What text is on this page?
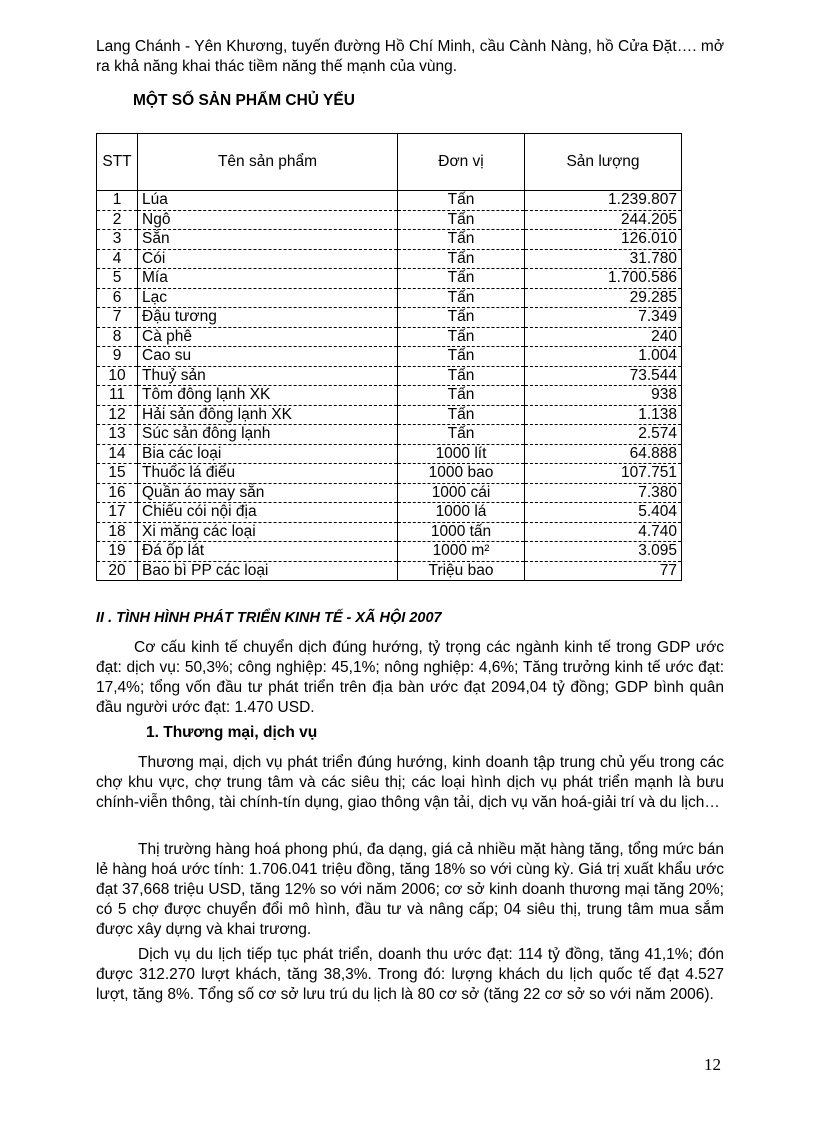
Lang Chánh - Yên Khương, tuyến đường Hồ Chí Minh, cầu Cành Nàng, hồ Cửa Đặt…. mở ra khả năng khai thác tiềm năng thế mạnh của vùng.

MỘT SỐ SẢN PHẨM CHỦ YẾU

STT	Tên sản phẩm	Đơn vị	Sản lượng
1	Lúa	Tấn	1.239.807
2	Ngô	Tấn	244.205
3	Sắn	Tấn	126.010
4	Cói	Tấn	31.780
5	Mía	Tấn	1.700.586
6	Lạc	Tấn	29.285
7	Đậu tương	Tấn	7.349
8	Cà phê	Tấn	240
9	Cao su	Tấn	1.004
10	Thuỷ sản	Tấn	73.544
11	Tôm đông lạnh XK	Tấn	938
12	Hải sản đông lạnh XK	Tấn	1.138
13	Súc sản đông lạnh	Tấn	2.574
14	Bia các loại	1000 lít	64.888
15	Thuốc lá điếu	1000 bao	107.751
16	Quần áo may sẵn	1000 cái	7.380
17	Chiếu cói nội địa	1000 lá	5.404
18	Xi măng các loại	1000 tấn	4.740
19	Đá ốp lát	1000 m²	3.095
20	Bao bì PP các loại	Triệu bao	77

II . TÌNH HÌNH PHÁT TRIỂN KINH TẾ - XÃ HỘI 2007

Cơ cấu kinh tế chuyển dịch đúng hướng, tỷ trọng các ngành kinh tế trong GDP ước đạt: dịch vụ: 50,3%; công nghiệp: 45,1%; nông nghiệp: 4,6%; Tăng trưởng kinh tế ước đạt: 17,4%; tổng vốn đầu tư phát triển trên địa bàn ước đạt 2094,04 tỷ đồng; GDP bình quân đầu người ước đạt: 1.470 USD.

1. Thương mại, dịch vụ

Thương mại, dịch vụ phát triển đúng hướng, kinh doanh tập trung chủ yếu trong các chợ khu vực, chợ trung tâm và các siêu thị; các loại hình dịch vụ phát triển mạnh là bưu chính-viễn thông, tài chính-tín dụng, giao thông vận tải, dịch vụ văn hoá-giải trí và du lịch…

Thị trường hàng hoá phong phú, đa dạng, giá cả nhiều mặt hàng tăng, tổng mức bán lẻ hàng hoá ước tính: 1.706.041 triệu đồng, tăng 18% so với cùng kỳ. Giá trị xuất khẩu ước đạt 37,668 triệu USD, tăng 12% so với năm 2006; cơ sở kinh doanh thương mại tăng 20%; có 5 chợ được chuyển đổi mô hình, đầu tư và nâng cấp; 04 siêu thị, trung tâm mua sắm được xây dựng và khai trương.

Dịch vụ du lịch tiếp tục phát triển, doanh thu ước đạt: 114 tỷ đồng, tăng 41,1%; đón được 312.270 lượt khách, tăng 38,3%. Trong đó: lượng khách du lịch quốc tế đạt 4.527 lượt, tăng 8%. Tổng số cơ sở lưu trú du lịch là 80 cơ sở (tăng 22 cơ sở so với năm 2006).

12
